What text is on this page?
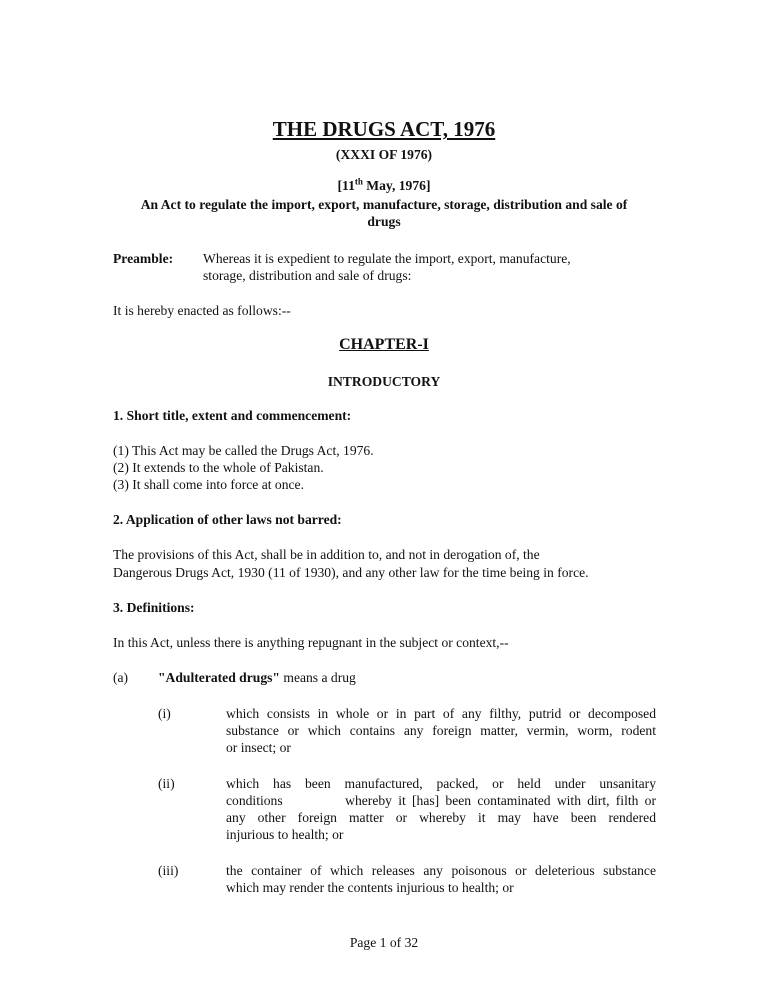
THE DRUGS ACT, 1976
(XXXI OF 1976)
[11th May, 1976]
An Act to regulate the import, export, manufacture, storage, distribution and sale of
drugs
Preamble: Whereas it is expedient to regulate the import, export, manufacture,
storage, distribution and sale of drugs:
It is hereby enacted as follows:--
CHAPTER-I
INTRODUCTORY
1. Short title, extent and commencement:
(1) This Act may be called the Drugs Act, 1976.
(2) It extends to the whole of Pakistan.
(3) It shall come into force at once.
2. Application of other laws not barred:
The provisions of this Act, shall be in addition to, and not in derogation of, the
Dangerous Drugs Act, 1930 (11 of 1930), and any other law for the time being in force.
3. Definitions:
In this Act, unless there is anything repugnant in the subject or context,--
(a) "Adulterated drugs" means a drug
(i)	which consists in whole or in part of any filthy, putrid or decomposed
substance or which contains any foreign matter, vermin, worm, rodent
or insect; or
(ii)	which has been manufactured, packed, or held under unsanitary
conditions          whereby it [has] been contaminated with dirt, filth or
any other foreign matter or whereby it may have been rendered
injurious to health; or
(iii)	the container of which releases any poisonous or deleterious substance
which may render the contents injurious to health; or
Page 1 of 32
